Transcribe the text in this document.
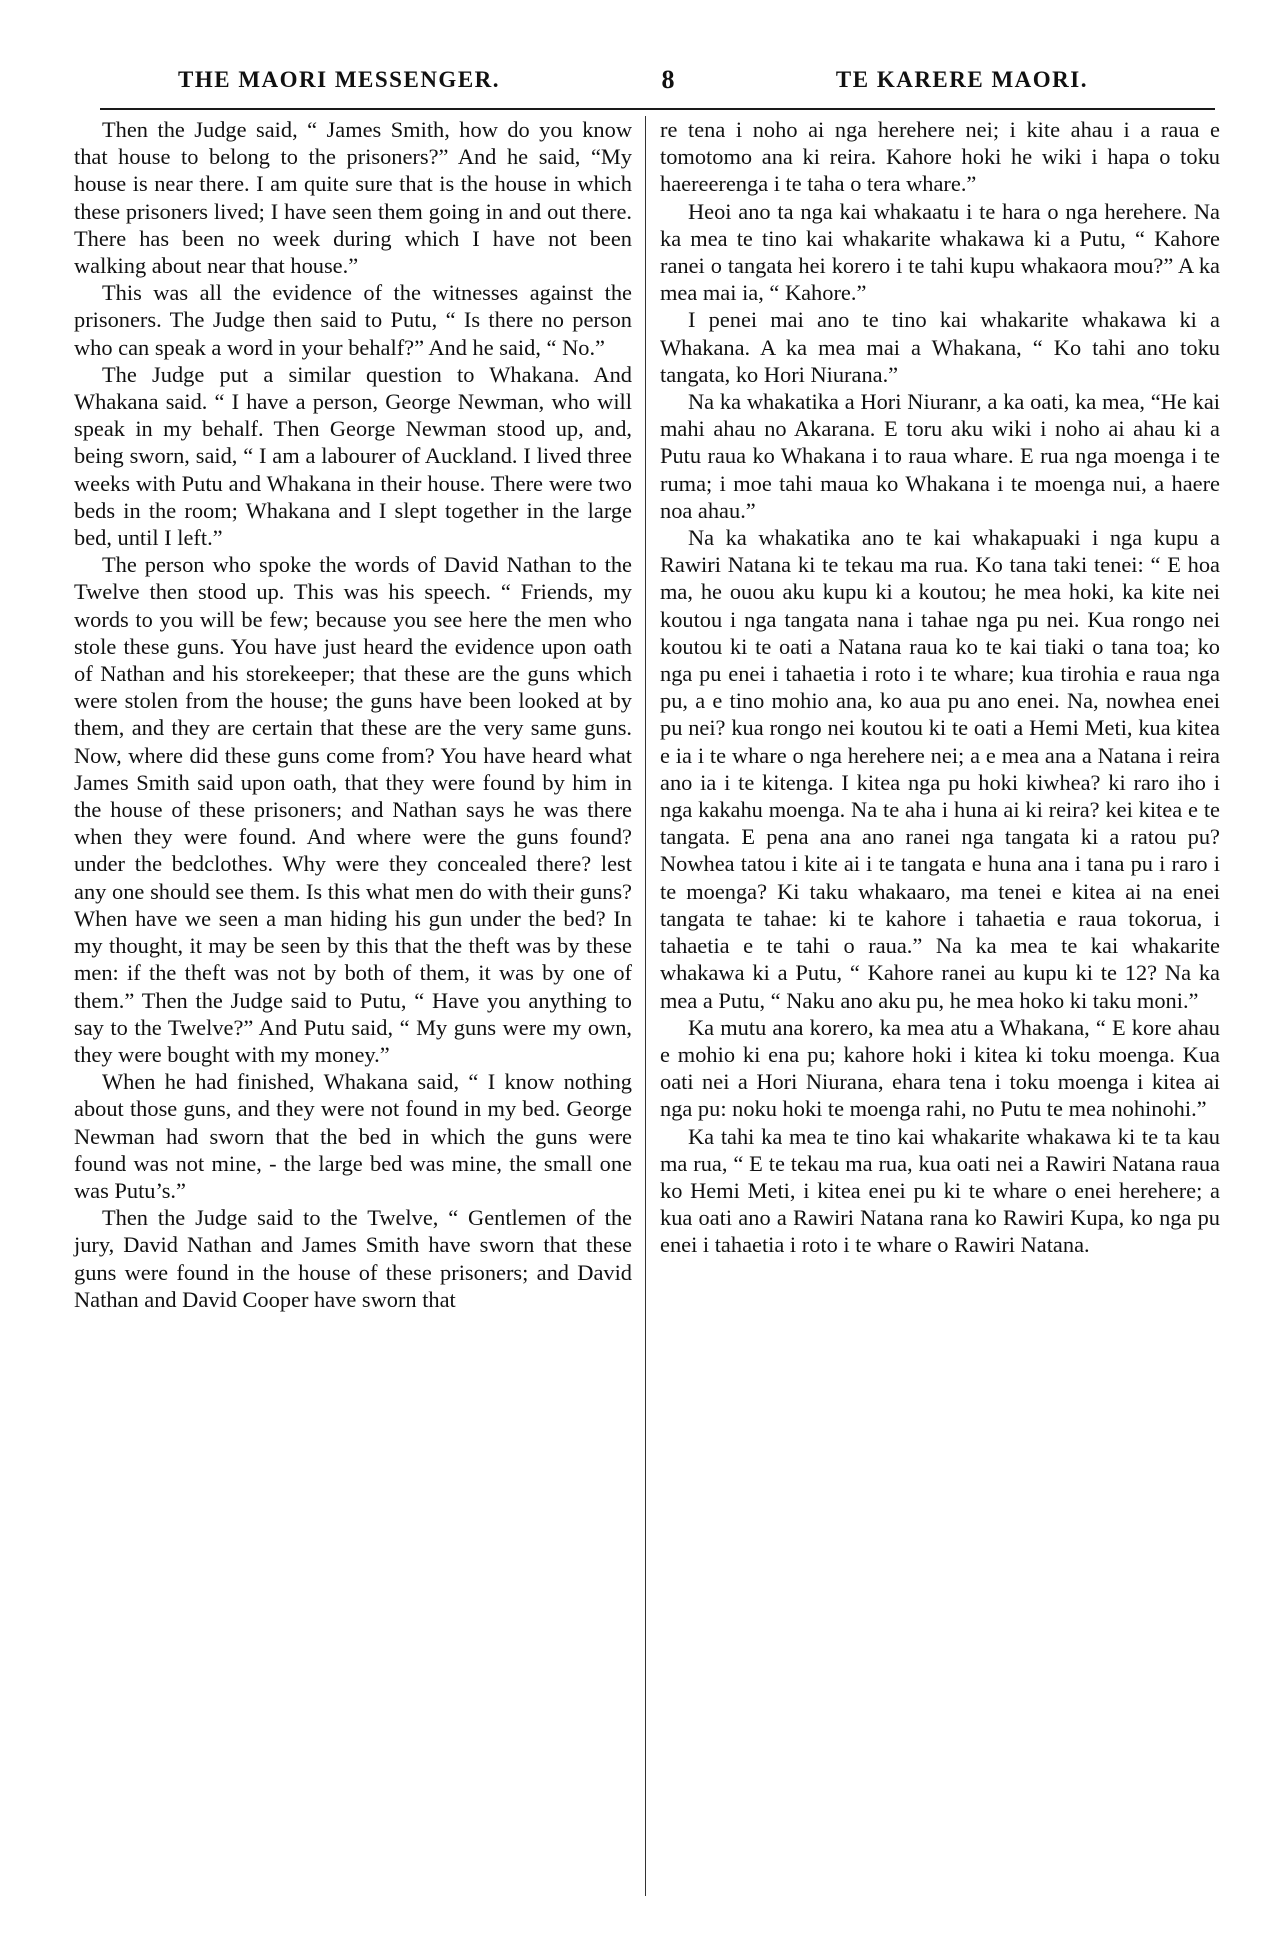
THE MAORI MESSENGER.	8	TE KARERE MAORI.

Then the Judge said, “ James Smith, how do you know that house to belong to the prisoners?” And he said, “My house is near there. I am quite sure that is the house in which these prisoners lived; I have seen them going in and out there. There has been no week during which I have not been walking about near that house.”

This was all the evidence of the witnesses against the prisoners. The Judge then said to Putu, “ Is there no person who can speak a word in your behalf?” And he said, “ No.”

The Judge put a similar question to Whakana. And Whakana said. “ I have a person, George Newman, who will speak in my behalf. Then George Newman stood up, and, being sworn, said, “ I am a labourer of Auckland. I lived three weeks with Putu and Whakana in their house. There were two beds in the room; Whakana and I slept together in the large bed, until I left.”

The person who spoke the words of David Nathan to the Twelve then stood up. This was his speech. “ Friends, my words to you will be few; because you see here the men who stole these guns. You have just heard the evidence upon oath of Nathan and his storekeeper; that these are the guns which were stolen from the house; the guns have been looked at by them, and they are certain that these are the very same guns. Now, where did these guns come from? You have heard what James Smith said upon oath, that they were found by him in the house of these prisoners; and Nathan says he was there when they were found. And where were the guns found? under the bedclothes. Why were they concealed there? lest any one should see them. Is this what men do with their guns? When have we seen a man hiding his gun under the bed? In my thought, it may be seen by this that the theft was by these men: if the theft was not by both of them, it was by one of them.” Then the Judge said to Putu, “ Have you anything to say to the Twelve?” And Putu said, “ My guns were my own, they were bought with my money.”

When he had finished, Whakana said, “ I know nothing about those guns, and they were not found in my bed. George Newman had sworn that the bed in which the guns were found was not mine, - the large bed was mine, the small one was Putu’s.”

Then the Judge said to the Twelve, “ Gentlemen of the jury, David Nathan and James Smith have sworn that these guns were found in the house of these prisoners; and David Nathan and David Cooper have sworn that

re tena i noho ai nga herehere nei; i kite ahau i a raua e tomotomo ana ki reira. Kahore hoki he wiki i hapa o toku haereerenga i te taha o tera whare.”

Heoi ano ta nga kai whakaatu i te hara o nga herehere. Na ka mea te tino kai whakarite whakawa ki a Putu, “ Kahore ranei o tangata hei korero i te tahi kupu whakaora mou?” A ka mea mai ia, “ Kahore.”

I penei mai ano te tino kai whakarite whakawa ki a Whakana. A ka mea mai a Whakana, “ Ko tahi ano toku tangata, ko Hori Niurana.”

Na ka whakatika a Hori Niuranr, a ka oati, ka mea, “He kai mahi ahau no Akarana. E toru aku wiki i noho ai ahau ki a Putu raua ko Whakana i to raua whare. E rua nga moenga i te ruma; i moe tahi maua ko Whakana i te moenga nui, a haere noa ahau.”

Na ka whakatika ano te kai whakapuaki i nga kupu a Rawiri Natana ki te tekau ma rua. Ko tana taki tenei: “ E hoa ma, he ouou aku kupu ki a koutou; he mea hoki, ka kite nei koutou i nga tangata nana i tahae nga pu nei. Kua rongo nei koutou ki te oati a Natana raua ko te kai tiaki o tana toa; ko nga pu enei i tahaetia i roto i te whare; kua tirohia e raua nga pu, a e tino mohio ana, ko aua pu ano enei. Na, nowhea enei pu nei? kua rongo nei koutou ki te oati a Hemi Meti, kua kitea e ia i te whare o nga herehere nei; a e mea ana a Natana i reira ano ia i te kitenga. I kitea nga pu hoki kiwhea? ki raro iho i nga kakahu moenga. Na te aha i huna ai ki reira? kei kitea e te tangata. E pena ana ano ranei nga tangata ki a ratou pu? Nowhea tatou i kite ai i te tangata e huna ana i tana pu i raro i te moenga? Ki taku whakaaro, ma tenei e kitea ai na enei tangata te tahae: ki te kahore i tahaetia e raua tokorua, i tahaetia e te tahi o raua.” Na ka mea te kai whakarite whakawa ki a Putu, “ Kahore ranei au kupu ki te 12? Na ka mea a Putu, “ Naku ano aku pu, he mea hoko ki taku moni.”

Ka mutu ana korero, ka mea atu a Whakana, “ E kore ahau e mohio ki ena pu; kahore hoki i kitea ki toku moenga. Kua oati nei a Hori Niurana, ehara tena i toku moenga i kitea ai nga pu: noku hoki te moenga rahi, no Putu te mea nohinohi.”

Ka tahi ka mea te tino kai whakarite whakawa ki te ta kau ma rua, “ E te tekau ma rua, kua oati nei a Rawiri Natana raua ko Hemi Meti, i kitea enei pu ki te whare o enei herehere; a kua oati ano a Rawiri Natana rana ko Rawiri Kupa, ko nga pu enei i tahaetia i roto i te whare o Rawiri Natana.
